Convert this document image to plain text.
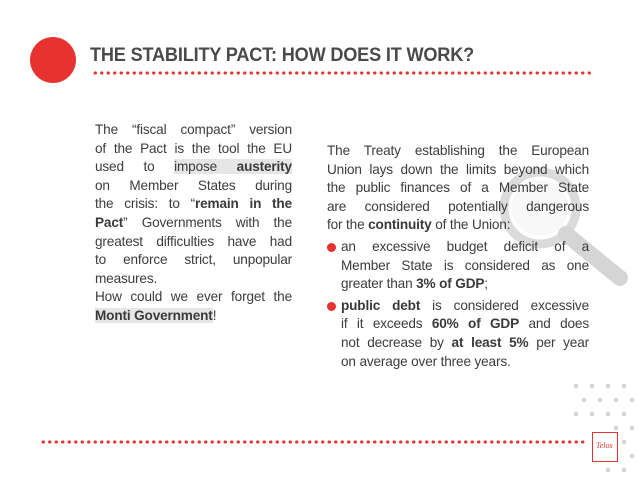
THE STABILITY PACT: HOW DOES IT WORK?
The “fiscal compact” version
of the Pact is the tool the EU
used to impose austerity
on Member States during
the crisis: to “remain in the
Pact” Governments with the
greatest difficulties have had
to enforce strict, unpopular
measures.
How could we ever forget the
Monti Government!
The Treaty establishing the European
Union lays down the limits beyond which
the public finances of a Member State
are considered potentially dangerous
for the continuity of the Union:
an excessive budget deficit of a
Member State is considered as one
greater than 3% of GDP;
public debt is considered excessive
if it exceeds 60% of GDP and does
not decrease by at least 5% per year
on average over three years.
Telos
